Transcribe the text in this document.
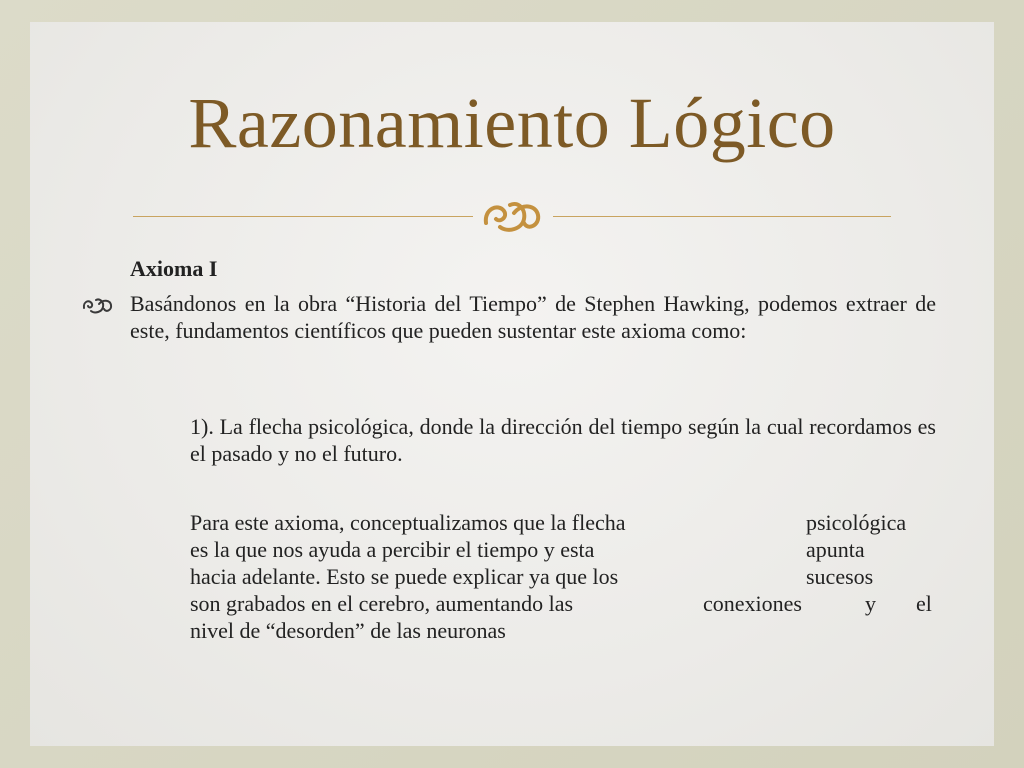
Razonamiento Lógico

Axioma I

Basándonos en la obra “Historia del Tiempo” de Stephen Hawking, podemos extraer de este, fundamentos científicos que pueden sustentar este axioma como:

1). La flecha psicológica, donde la dirección del tiempo según la cual recordamos es el pasado y no el futuro.

Para este axioma, conceptualizamos que la flecha	psicológica
es la que nos ayuda a percibir el tiempo y esta	apunta
hacia adelante. Esto se puede explicar ya que los	sucesos
son grabados en el cerebro, aumentando las	conexiones	y el
nivel de “desorden” de las neuronas
